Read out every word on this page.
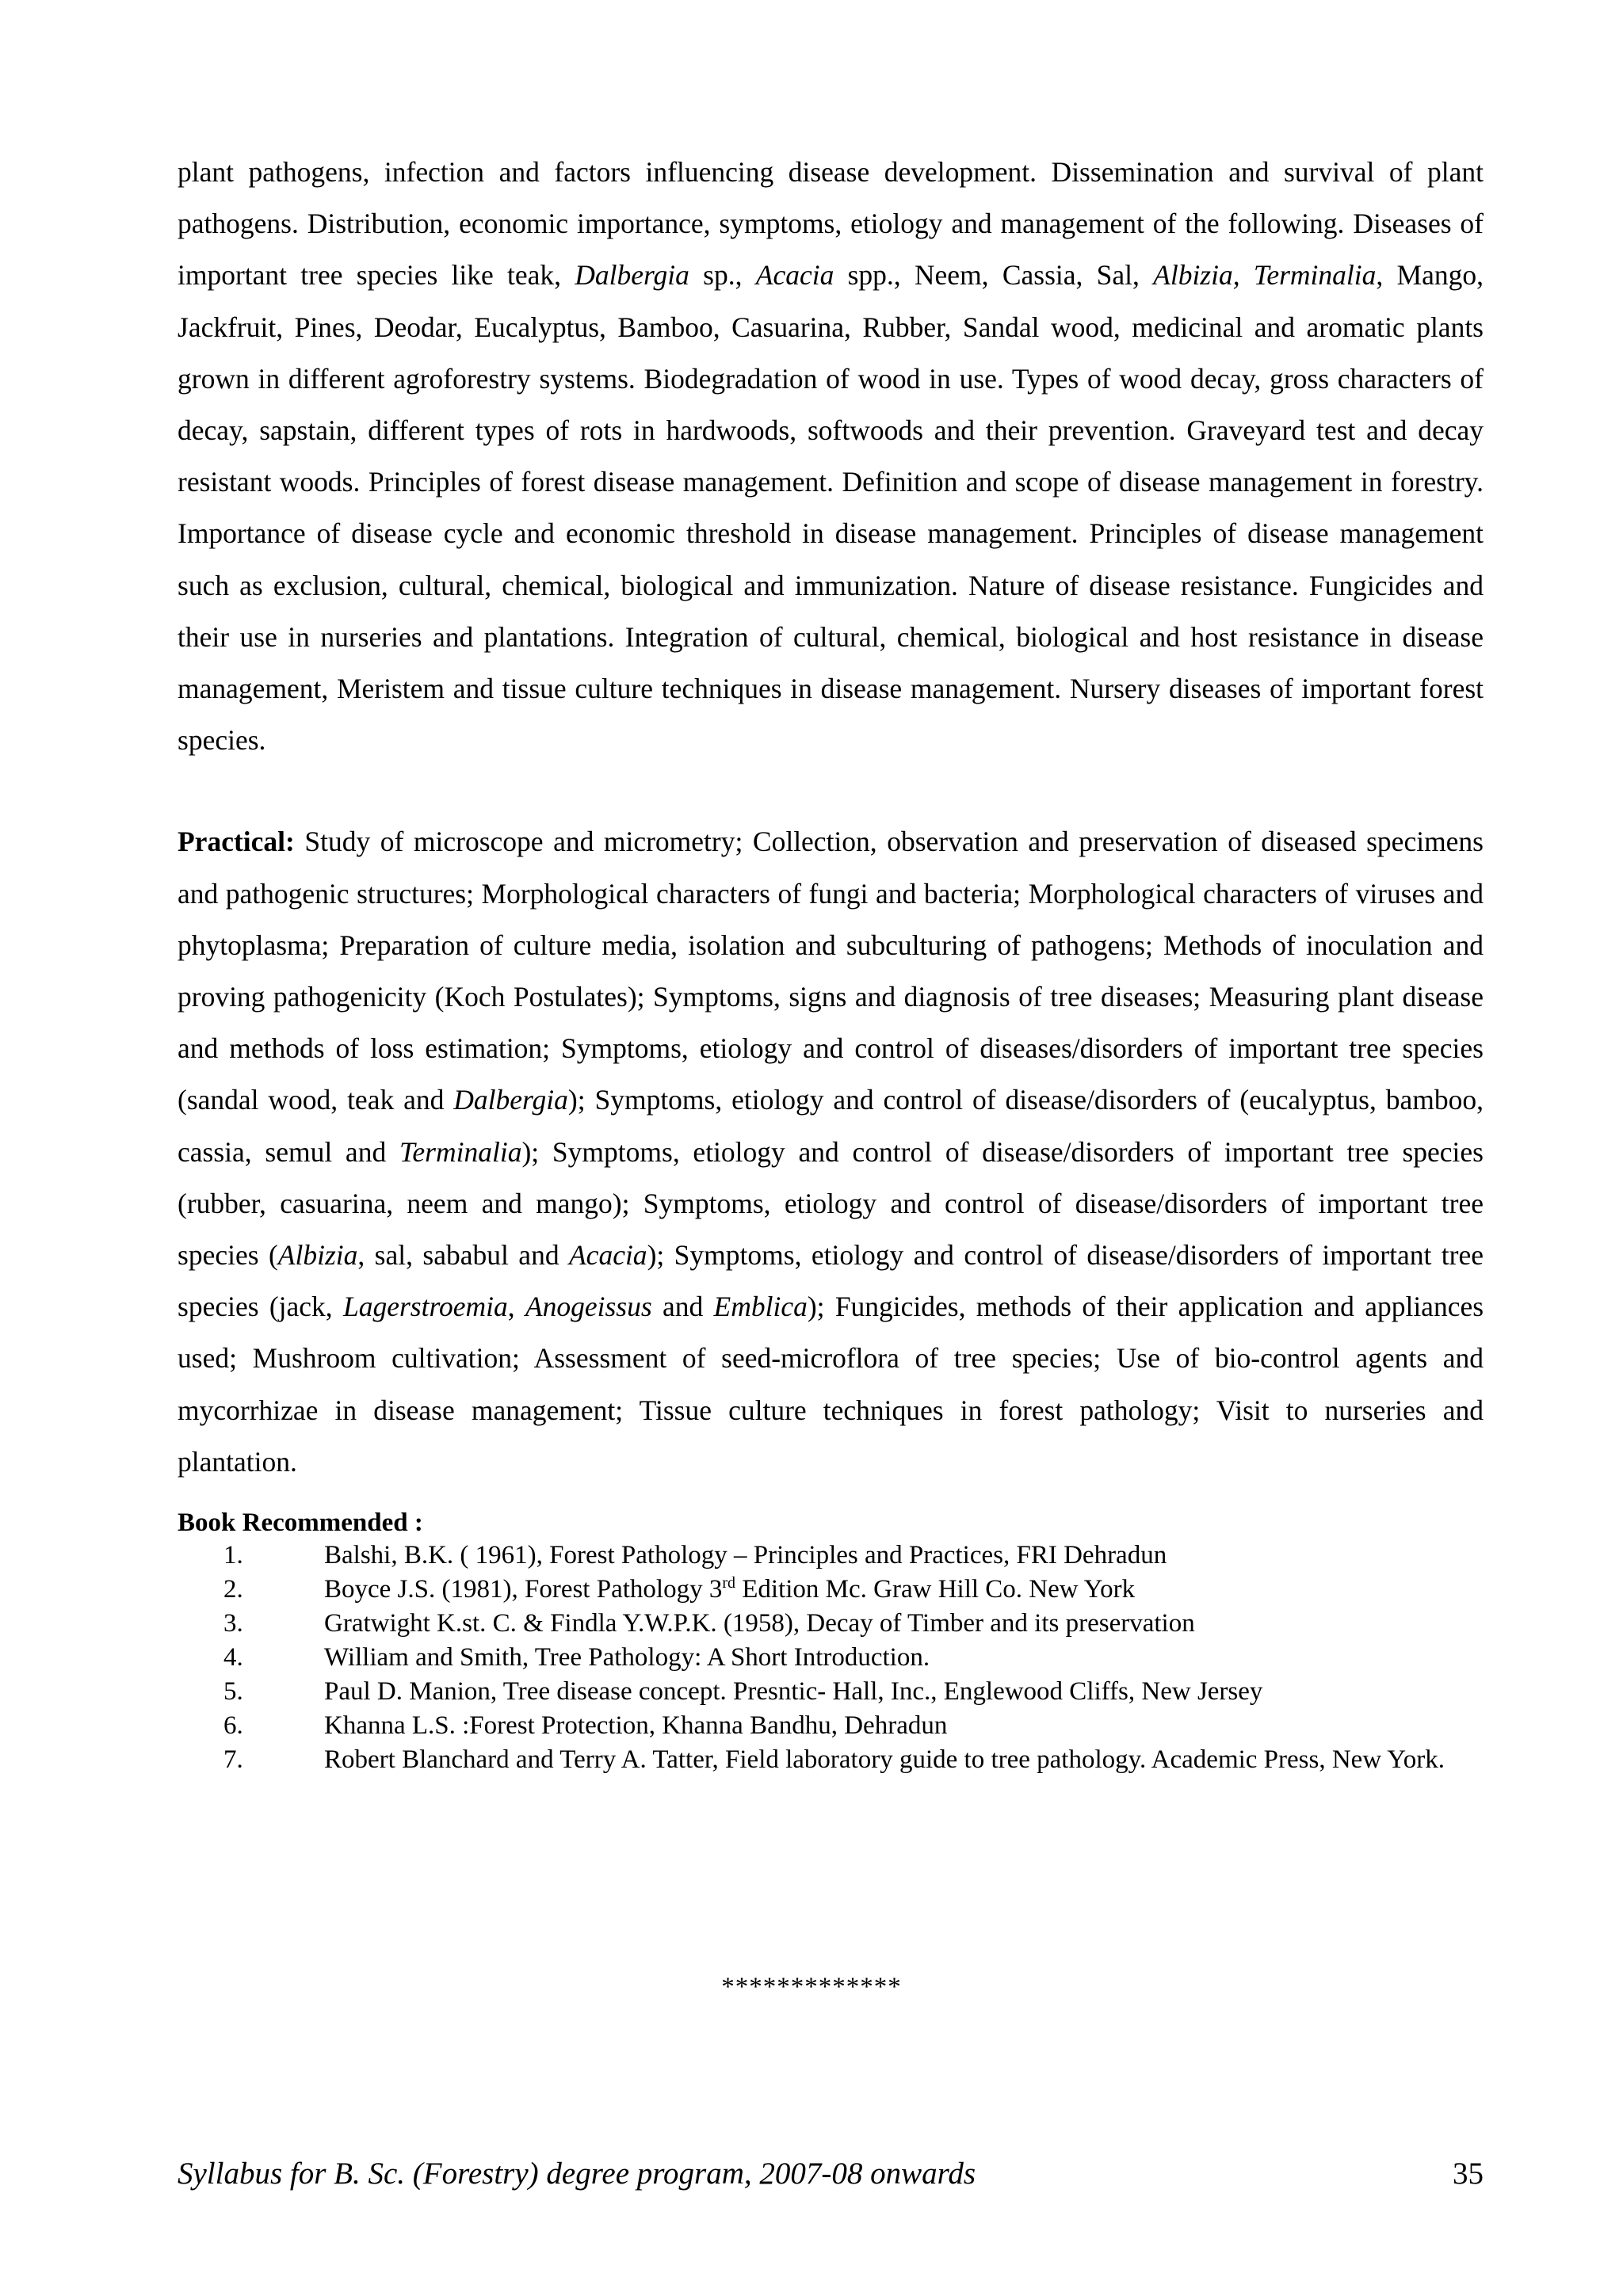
plant pathogens, infection and factors influencing disease development. Dissemination and survival of plant pathogens. Distribution, economic importance, symptoms, etiology and management of the following. Diseases of important tree species like teak, Dalbergia sp., Acacia spp., Neem, Cassia, Sal, Albizia, Terminalia, Mango, Jackfruit, Pines, Deodar, Eucalyptus, Bamboo, Casuarina, Rubber, Sandal wood, medicinal and aromatic plants grown in different agroforestry systems. Biodegradation of wood in use. Types of wood decay, gross characters of decay, sapstain, different types of rots in hardwoods, softwoods and their prevention. Graveyard test and decay resistant woods. Principles of forest disease management. Definition and scope of disease management in forestry. Importance of disease cycle and economic threshold in disease management. Principles of disease management such as exclusion, cultural, chemical, biological and immunization. Nature of disease resistance. Fungicides and their use in nurseries and plantations. Integration of cultural, chemical, biological and host resistance in disease management, Meristem and tissue culture techniques in disease management. Nursery diseases of important forest species.

Practical: Study of microscope and micrometry; Collection, observation and preservation of diseased specimens and pathogenic structures; Morphological characters of fungi and bacteria; Morphological characters of viruses and phytoplasma; Preparation of culture media, isolation and subculturing of pathogens; Methods of inoculation and proving pathogenicity (Koch Postulates); Symptoms, signs and diagnosis of tree diseases; Measuring plant disease and methods of loss estimation; Symptoms, etiology and control of diseases/disorders of important tree species (sandal wood, teak and Dalbergia); Symptoms, etiology and control of disease/disorders of (eucalyptus, bamboo, cassia, semul and Terminalia); Symptoms, etiology and control of disease/disorders of important tree species (rubber, casuarina, neem and mango); Symptoms, etiology and control of disease/disorders of important tree species (Albizia, sal, sababul and Acacia); Symptoms, etiology and control of disease/disorders of important tree species (jack, Lagerstroemia, Anogeissus and Emblica); Fungicides, methods of their application and appliances used; Mushroom cultivation; Assessment of seed-microflora of tree species; Use of bio-control agents and mycorrhizae in disease management; Tissue culture techniques in forest pathology; Visit to nurseries and plantation.

Book Recommended :
1.	Balshi, B.K. ( 1961), Forest Pathology – Principles and Practices, FRI Dehradun
2.	Boyce J.S. (1981), Forest Pathology 3rd Edition Mc. Graw Hill Co. New York
3.	Gratwight K.st. C. & Findla Y.W.P.K. (1958), Decay of Timber and its preservation
4.	William and Smith, Tree Pathology: A Short Introduction.
5.	Paul D. Manion, Tree disease concept. Presntic- Hall, Inc., Englewood Cliffs, New Jersey
6.	Khanna L.S. :Forest Protection, Khanna Bandhu, Dehradun
7.	Robert Blanchard and Terry A. Tatter, Field laboratory guide to tree pathology. Academic Press, New York.
*************
Syllabus for B. Sc. (Forestry) degree program, 2007-08 onwards	35
